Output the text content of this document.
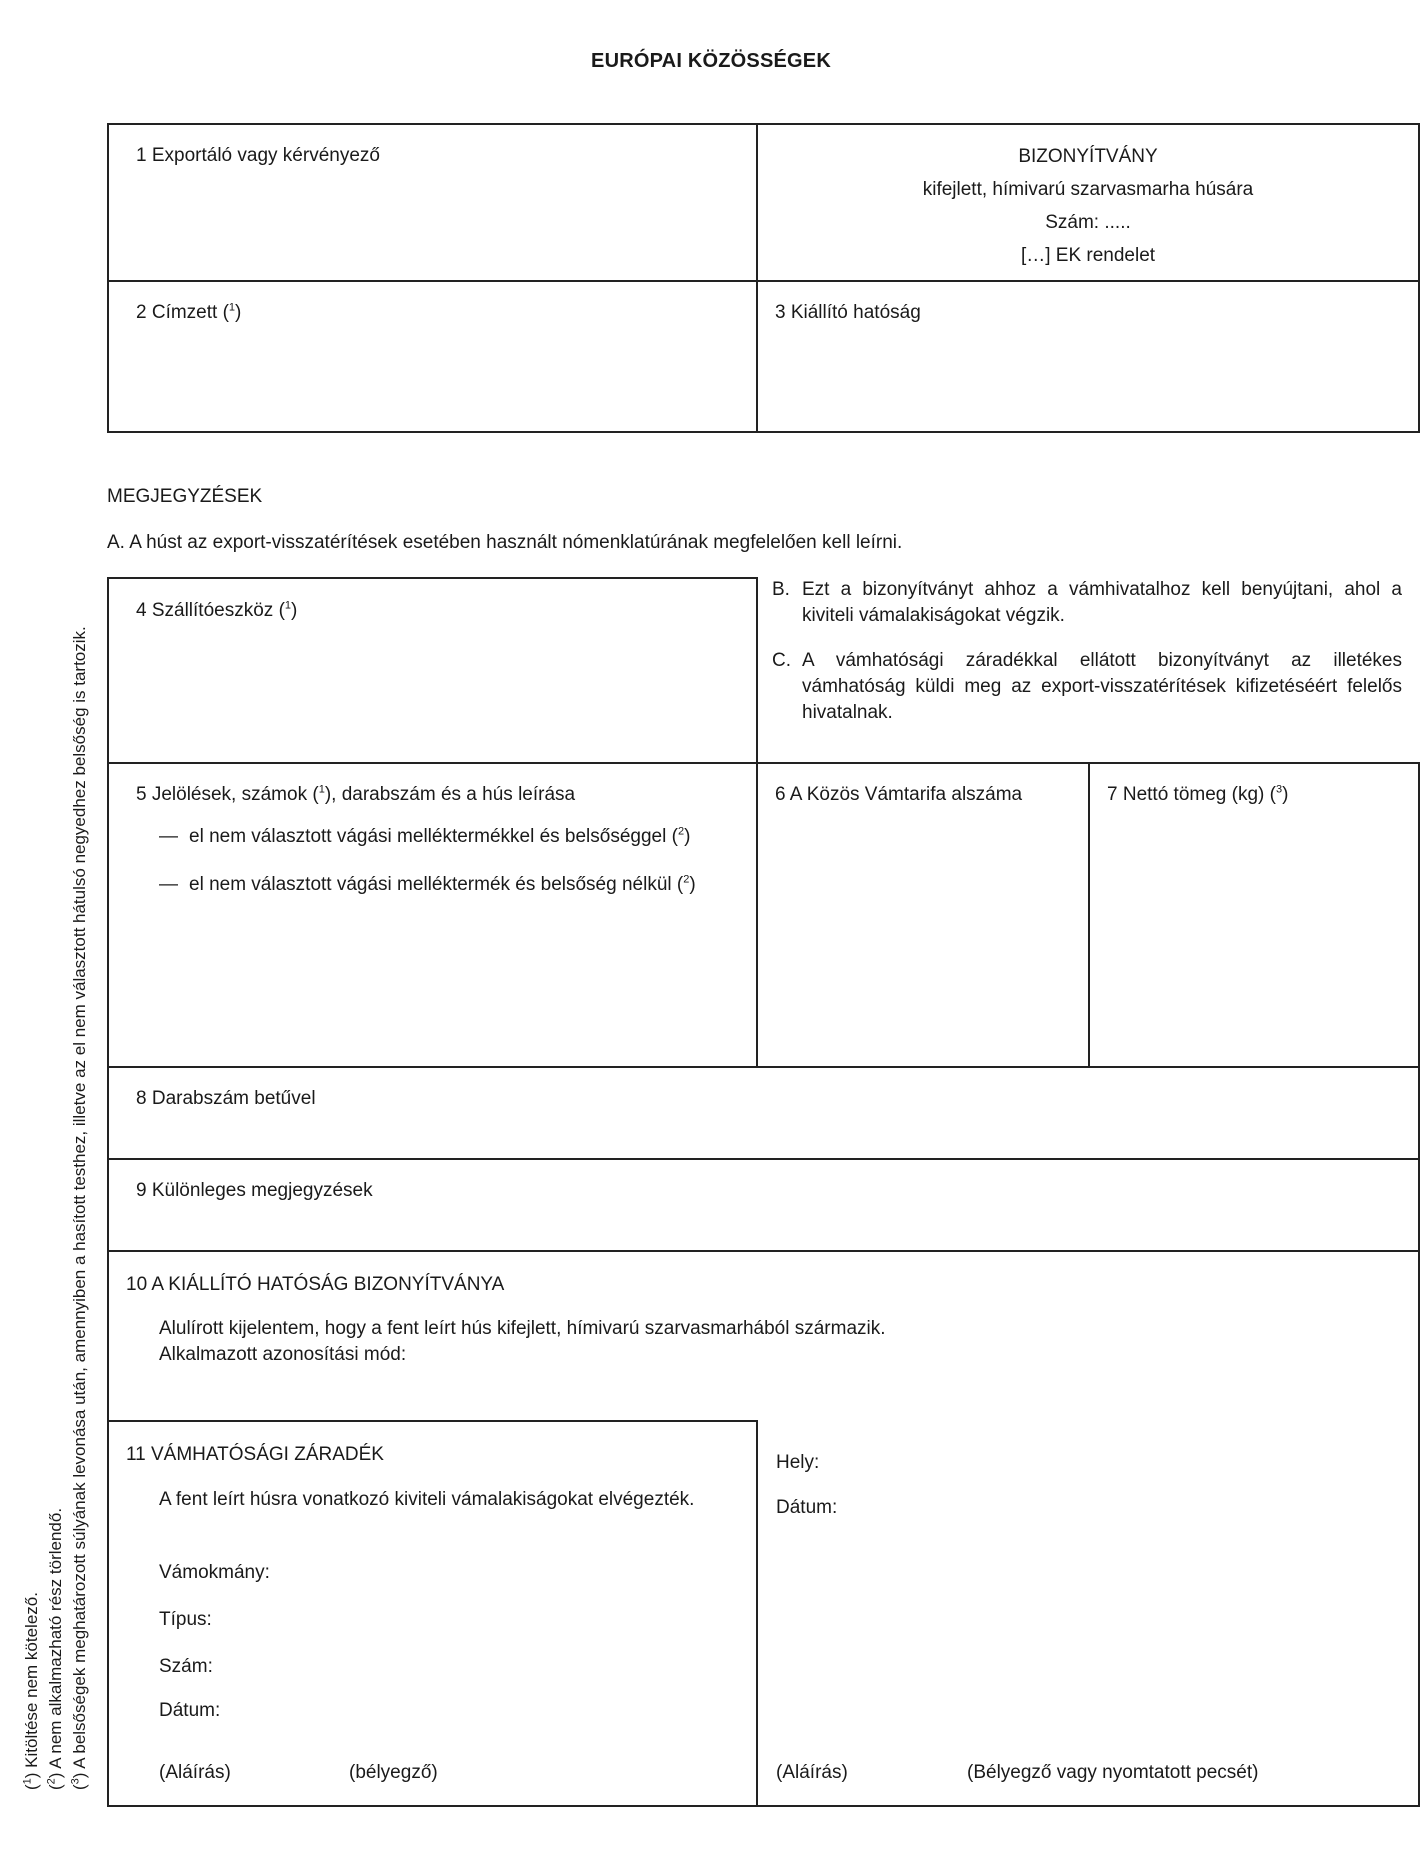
EURÓPAI KÖZÖSSÉGEK
1 Exportáló vagy kérvényező	BIZONYÍTVÁNY
kifejlett, hímivarú szarvasmarha húsára
Szám: .....
[…] EK rendelet
2 Címzett ($^1$)	3 Kiállító hatóság
MEGJEGYZÉSEK
A. A húst az export-visszatérítések esetében használt nómenklatúrának megfelelően kell leírni.
4 Szállítóeszköz ($^1$)
B. Ezt a bizonyítványt ahhoz a vámhivatalhoz kell benyújtani, ahol a kiviteli vámalakiságokat végzik.
C. A vámhatósági záradékkal ellátott bizonyítványt az illetékes vámhatóság küldi meg az export-visszatérítések kifizetéséért felelős hivatalnak.
5 Jelölések, számok ($^1$), darabszám és a hús leírása
— el nem választott vágási melléktermékkel és belsőséggel ($^2$)
— el nem választott vágási melléktermék és belsőség nélkül ($^2$)
6 A Közös Vámtarifa alszáma	7 Nettó tömeg (kg) ($^3$)
8 Darabszám betűvel
9 Különleges megjegyzések
10 A KIÁLLÍTÓ HATÓSÁG BIZONYÍTVÁNYA
Alulírott kijelentem, hogy a fent leírt hús kifejlett, hímivarú szarvasmarhából származik.
Alkalmazott azonosítási mód:
Hely:
Dátum:
(Aláírás)	(Bélyegző vagy nyomtatott pecsét)
11 VÁMHATÓSÁGI ZÁRADÉK
A fent leírt húsra vonatkozó kiviteli vámalakiságokat elvégezték.
Vámokmány:
Típus:
Szám:
Dátum:
(Aláírás)	(bélyegző)
($^1$) Kitöltése nem kötelező.
($^2$) A nem alkalmazható rész törlendő.
($^3$) A belsőségek meghatározott súlyának levonása után, amennyiben a hasított testhez, illetve az el nem választott hátulsó negyedhez belsőség is tartozik.
